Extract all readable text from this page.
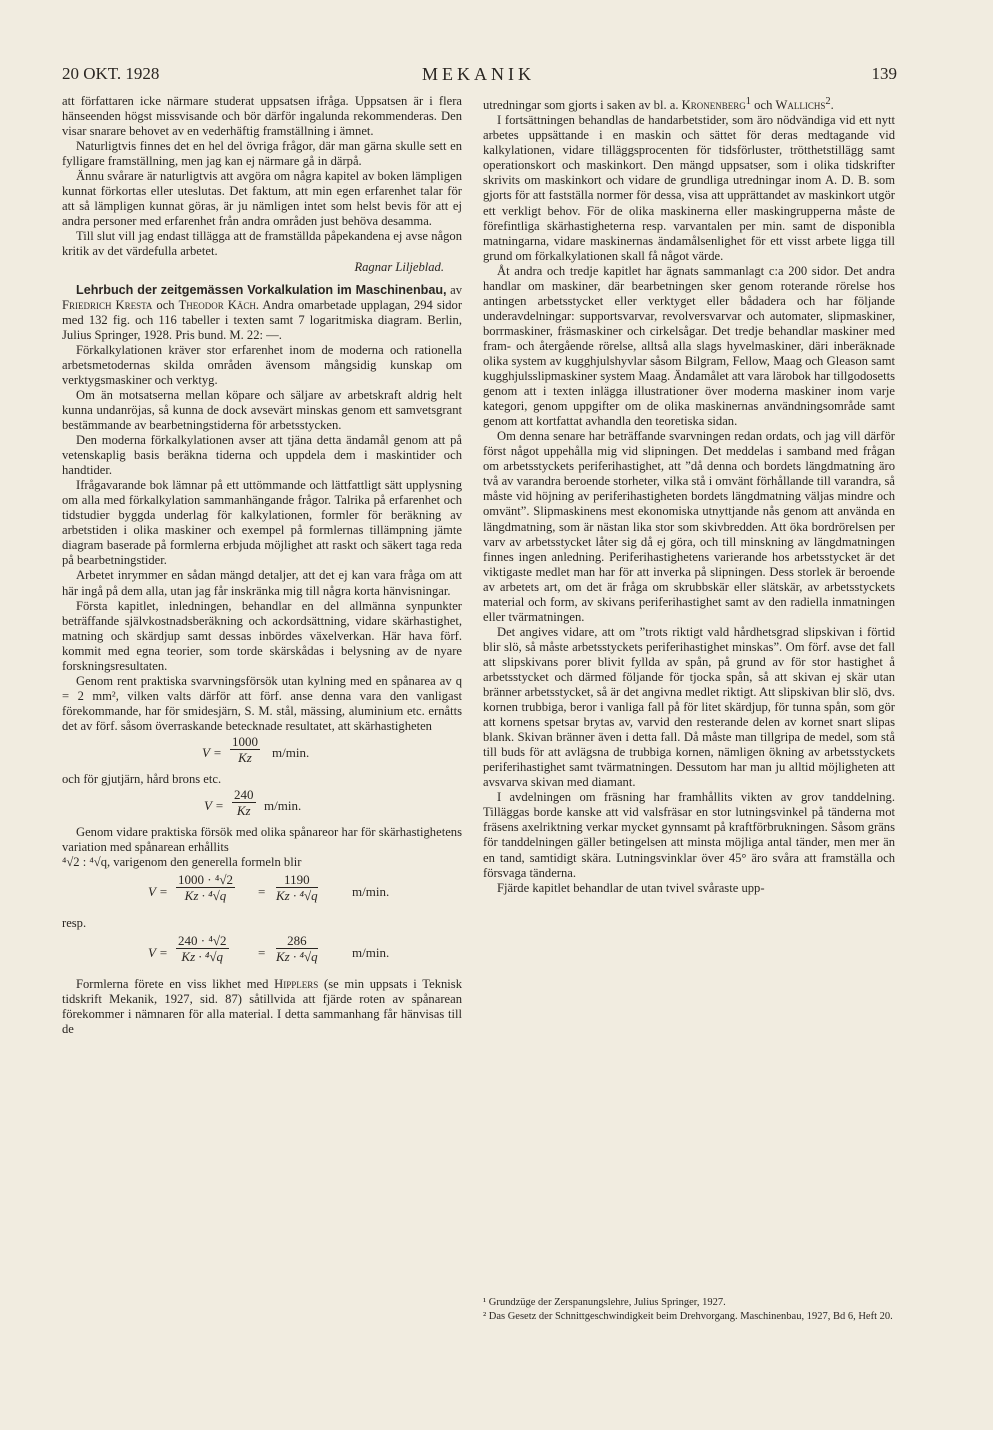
20 OKT. 1928	MEKANIK	139

att författaren icke närmare studerat uppsatsen ifråga. Uppsatsen är i flera hänseenden högst missvisande och bör därför ingalunda rekommenderas. Den visar snarare behovet av en vederhäftig framställning i ämnet.

Naturligtvis finnes det en hel del övriga frågor, där man gärna skulle sett en fylligare framställning, men jag kan ej närmare gå in därpå.

Ännu svårare är naturligtvis att avgöra om några kapitel av boken lämpligen kunnat förkortas eller uteslutas. Det faktum, att min egen erfarenhet talar för att så lämpligen kunnat göras, är ju nämligen intet som helst bevis för att ej andra personer med erfarenhet från andra områden just behöva desamma.

Till slut vill jag endast tillägga att de framställda påpekandena ej avse någon kritik av det värdefulla arbetet.

Ragnar Liljeblad.

Lehrbuch der zeitgemässen Vorkalkulation im Maschinenbau, av Friedrich Kresta och Theodor Käch. Andra omarbetade upplagan, 294 sidor med 132 fig. och 116 tabeller i texten samt 7 logaritmiska diagram. Berlin, Julius Springer, 1928. Pris bund. M. 22: —.

Förkalkylationen kräver stor erfarenhet inom de moderna och rationella arbetsmetodernas skilda områden ävensom mångsidig kunskap om verktygsmaskiner och verktyg.

Om än motsatserna mellan köpare och säljare av arbetskraft aldrig helt kunna undanröjas, så kunna de dock avsevärt minskas genom ett samvetsgrant bestämmande av bearbetningstiderna för arbetsstycken.

Den moderna förkalkylationen avser att tjäna detta ändamål genom att på vetenskaplig basis beräkna tiderna och uppdela dem i maskintider och handtider.

Ifrågavarande bok lämnar på ett uttömmande och lättfattligt sätt upplysning om alla med förkalkylation sammanhängande frågor. Talrika på erfarenhet och tidstudier byggda underlag för kalkylationen, formler för beräkning av arbetstiden i olika maskiner och exempel på formlernas tillämpning jämte diagram baserade på formlerna erbjuda möjlighet att raskt och säkert taga reda på bearbetningstider.

Arbetet inrymmer en sådan mängd detaljer, att det ej kan vara fråga om att här ingå på dem alla, utan jag får inskränka mig till några korta hänvisningar.

Första kapitlet, inledningen, behandlar en del allmänna synpunkter beträffande självkostnadsberäkning och ackordsättning, vidare skärhastighet, matning och skärdjup samt dessas inbördes växelverkan. Här hava förf. kommit med egna teorier, som torde skärskådas i belysning av de nyare forskningsresultaten.

Genom rent praktiska svarvningsförsök utan kylning med en spånarea av q = 2 mm², vilken valts därför att förf. anse denna vara den vanligast förekommande, har för smidesjärn, S. M. stål, mässing, aluminium etc. ernåtts det av förf. såsom överraskande betecknade resultatet, att skärhastigheten

$V = \frac{1000}{Kz} m/\min$.

och för gjutjärn, hård brons etc.

$V = \frac{240}{Kz} m/\min$.

Genom vidare praktiska försök med olika spånareor har för skärhastighetens variation med spånarean erhållits

⁴√2 : ⁴√q, varigenom den generella formeln blir

$V = \frac{\text{1000 · ⁴√2}}{\text{Kz · ⁴√q}} = \frac{1190}{\text{Kz · ⁴√q}}$	m/min.

resp.

$V = \frac{\text{240 · ⁴√2}}{\text{Kz · ⁴√q}} = \frac{286}{\text{Kz · ⁴√q}}$	m/min.

Formlerna förete en viss likhet med Hipplers (se min uppsats i Teknisk tidskrift Mekanik, 1927, sid. 87) såtillvida att fjärde roten av spånarean förekommer i nämnaren för alla material. I detta sammanhang får hänvisas till de

utredningar som gjorts i saken av bl. a. Kronenberg$^1$ och Wallichs$^2$.

I fortsättningen behandlas de handarbetstider, som äro nödvändiga vid ett nytt arbetes uppsättande i en maskin och sättet för deras medtagande vid kalkylationen, vidare tilläggsprocenten för tidsförluster, trötthetstillägg samt operationskort och maskinkort. Den mängd uppsatser, som i olika tidskrifter skrivits om maskinkort och vidare de grundliga utredningar inom A. D. B. som gjorts för att fastställa normer för dessa, visa att upprättandet av maskinkort utgör ett verkligt behov. För de olika maskinerna eller maskingrupperna måste de förefintliga skärhastigheterna resp. varvantalen per min. samt de disponibla matningarna, vidare maskinernas ändamålsenlighet för ett visst arbete ligga till grund om förkalkylationen skall få något värde.

Åt andra och tredje kapitlet har ägnats sammanlagt c:a 200 sidor. Det andra handlar om maskiner, där bearbetningen sker genom roterande rörelse hos antingen arbetsstycket eller verktyget eller bådadera och har följande underavdelningar: supportsvarvar, revolversvarvar och automater, slipmaskiner, borrmaskiner, fräsmaskiner och cirkelsågar. Det tredje behandlar maskiner med fram- och återgående rörelse, alltså alla slags hyvelmaskiner, däri inberäknade olika system av kugghjulshyvlar såsom Bilgram, Fellow, Maag och Gleason samt kugghjulsslipmaskiner system Maag. Ändamålet att vara lärobok har tillgodosetts genom att i texten inlägga illustrationer över moderna maskiner inom varje kategori, genom uppgifter om de olika maskinernas användningsområde samt genom att kortfattat avhandla den teoretiska sidan.

Om denna senare har beträffande svarvningen redan ordats, och jag vill därför först något uppehålla mig vid slipningen. Det meddelas i samband med frågan om arbetsstyckets periferihastighet, att ”då denna och bordets längdmatning äro två av varandra beroende storheter, vilka stå i omvänt förhållande till varandra, så måste vid höjning av periferihastigheten bordets längdmatning väljas mindre och omvänt”. Slipmaskinens mest ekonomiska utnyttjande nås genom att använda en längdmatning, som är nästan lika stor som skivbredden. Att öka bordrörelsen per varv av arbetsstycket låter sig då ej göra, och till minskning av längdmatningen finnes ingen anledning. Periferihastighetens varierande hos arbetsstycket är det viktigaste medlet man har för att inverka på slipningen. Dess storlek är beroende av arbetets art, om det är fråga om skrubbskär eller slätskär, av arbetsstyckets material och form, av skivans periferihastighet samt av den radiella inmatningen eller tvärmatningen.

Det angives vidare, att om ”trots riktigt vald hårdhetsgrad slipskivan i förtid blir slö, så måste arbetsstyckets periferihastighet minskas”. Om förf. avse det fall att slipskivans porer blivit fyllda av spån, på grund av för stor hastighet å arbetsstycket och därmed följande för tjocka spån, så att skivan ej skär utan bränner arbetsstycket, så är det angivna medlet riktigt. Att slipskivan blir slö, dvs. kornen trubbiga, beror i vanliga fall på för litet skärdjup, för tunna spån, som gör att kornens spetsar brytas av, varvid den resterande delen av kornet snart slipas blank. Skivan bränner även i detta fall. Då måste man tillgripa de medel, som stå till buds för att avlägsna de trubbiga kornen, nämligen ökning av arbetsstyckets periferihastighet samt tvärmatningen. Dessutom har man ju alltid möjligheten att avsvarva skivan med diamant.

I avdelningen om fräsning har framhållits vikten av grov tanddelning. Tilläggas borde kanske att vid valsfräsar en stor lutningsvinkel på tänderna mot fräsens axelriktning verkar mycket gynnsamt på kraftförbrukningen. Såsom gräns för tanddelningen gäller betingelsen att minsta möjliga antal tänder, men mer än en tand, samtidigt skära. Lutningsvinklar över 45° äro svåra att framställa och försvaga tänderna.

Fjärde kapitlet behandlar de utan tvivel svåraste upp-

¹ Grundzüge der Zerspanungslehre, Julius Springer, 1927.

² Das Gesetz der Schnittgeschwindigkeit beim Drehvorgang. Maschinenbau, 1927, Bd 6, Heft 20.
